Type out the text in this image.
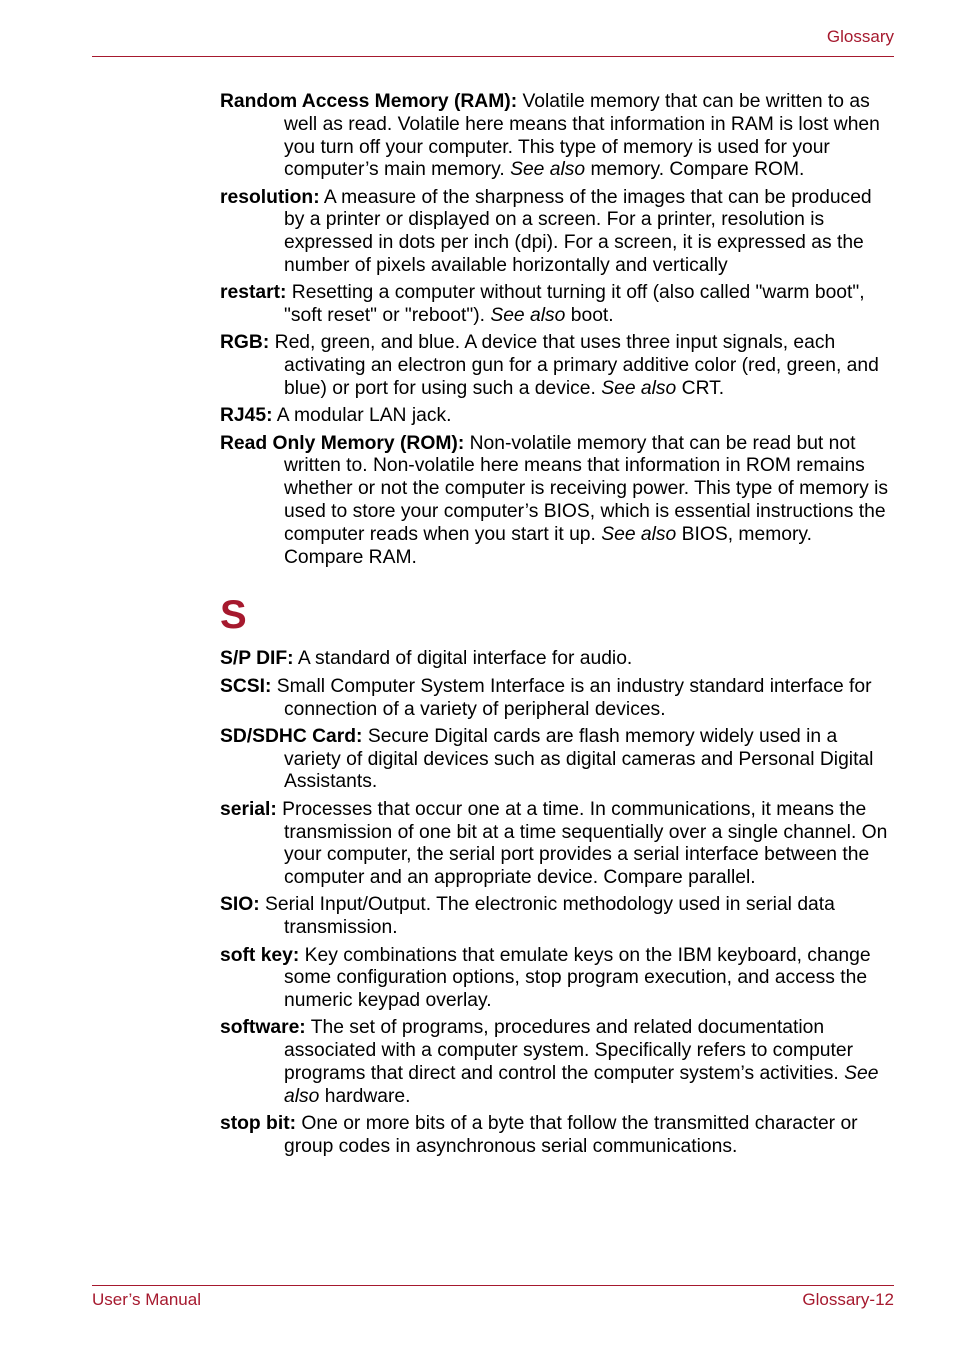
Glossary

Random Access Memory (RAM): Volatile memory that can be written to as well as read. Volatile here means that information in RAM is lost when you turn off your computer. This type of memory is used for your computer’s main memory. See also memory. Compare ROM.

resolution: A measure of the sharpness of the images that can be produced by a printer or displayed on a screen. For a printer, resolution is expressed in dots per inch (dpi). For a screen, it is expressed as the number of pixels available horizontally and vertically

restart: Resetting a computer without turning it off (also called "warm boot", "soft reset" or "reboot"). See also boot.

RGB: Red, green, and blue. A device that uses three input signals, each activating an electron gun for a primary additive color (red, green, and blue) or port for using such a device. See also CRT.

RJ45: A modular LAN jack.

Read Only Memory (ROM): Non-volatile memory that can be read but not written to. Non-volatile here means that information in ROM remains whether or not the computer is receiving power. This type of memory is used to store your computer’s BIOS, which is essential instructions the computer reads when you start it up. See also BIOS, memory. Compare RAM.

S

S/P DIF: A standard of digital interface for audio.

SCSI: Small Computer System Interface is an industry standard interface for connection of a variety of peripheral devices.

SD/SDHC Card: Secure Digital cards are flash memory widely used in a variety of digital devices such as digital cameras and Personal Digital Assistants.

serial: Processes that occur one at a time. In communications, it means the transmission of one bit at a time sequentially over a single channel. On your computer, the serial port provides a serial interface between the computer and an appropriate device. Compare parallel.

SIO: Serial Input/Output. The electronic methodology used in serial data transmission.

soft key: Key combinations that emulate keys on the IBM keyboard, change some configuration options, stop program execution, and access the numeric keypad overlay.

software: The set of programs, procedures and related documentation associated with a computer system. Specifically refers to computer programs that direct and control the computer system’s activities. See also hardware.

stop bit: One or more bits of a byte that follow the transmitted character or group codes in asynchronous serial communications.

User’s Manual	Glossary-12
